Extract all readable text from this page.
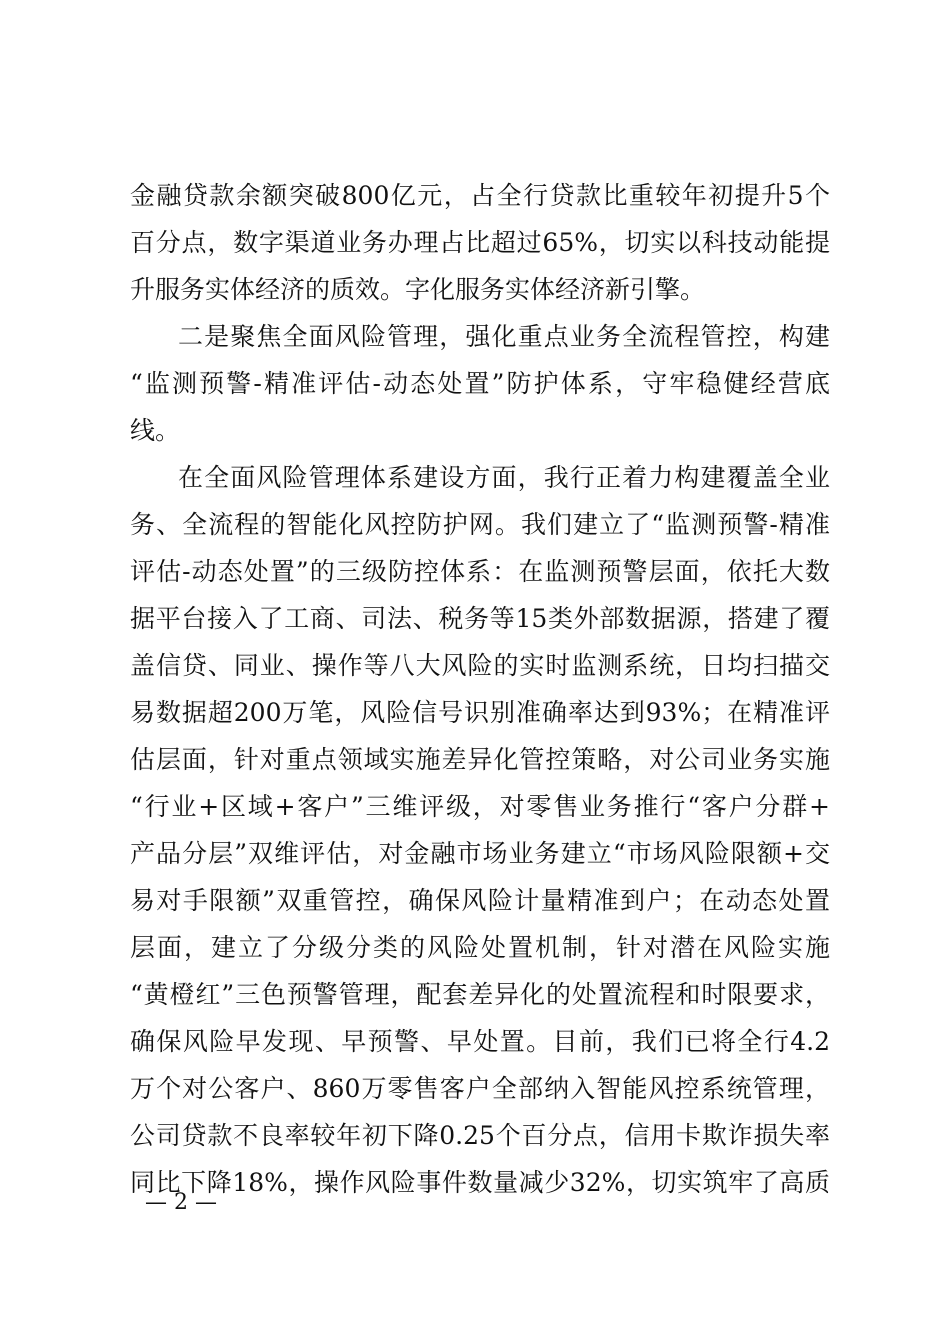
金融贷款余额突破800亿元，占全行贷款比重较年初提升5个
百分点，数字渠道业务办理占比超过65%，切实以科技动能提
升服务实体经济的质效。字化服务实体经济新引擎。
二是聚焦全面风险管理，强化重点业务全流程管控，构建
“监测预警-精准评估-动态处置”防护体系，守牢稳健经营底
线。
在全面风险管理体系建设方面，我行正着力构建覆盖全业
务、全流程的智能化风控防护网。我们建立了“监测预警-精准
评估-动态处置”的三级防控体系：在监测预警层面，依托大数
据平台接入了工商、司法、税务等15类外部数据源，搭建了覆
盖信贷、同业、操作等八大风险的实时监测系统，日均扫描交
易数据超200万笔，风险信号识别准确率达到93%；在精准评
估层面，针对重点领域实施差异化管控策略，对公司业务实施
“行业+区域+客户”三维评级，对零售业务推行“客户分群+
产品分层”双维评估，对金融市场业务建立“市场风险限额+交
易对手限额”双重管控，确保风险计量精准到户；在动态处置
层面，建立了分级分类的风险处置机制，针对潜在风险实施
“黄橙红”三色预警管理，配套差异化的处置流程和时限要求，
确保风险早发现、早预警、早处置。目前，我们已将全行4.2
万个对公客户、860万零售客户全部纳入智能风控系统管理，
公司贷款不良率较年初下降0.25个百分点，信用卡欺诈损失率
同比下降18%，操作风险事件数量减少32%，切实筑牢了高质
— 2 —
